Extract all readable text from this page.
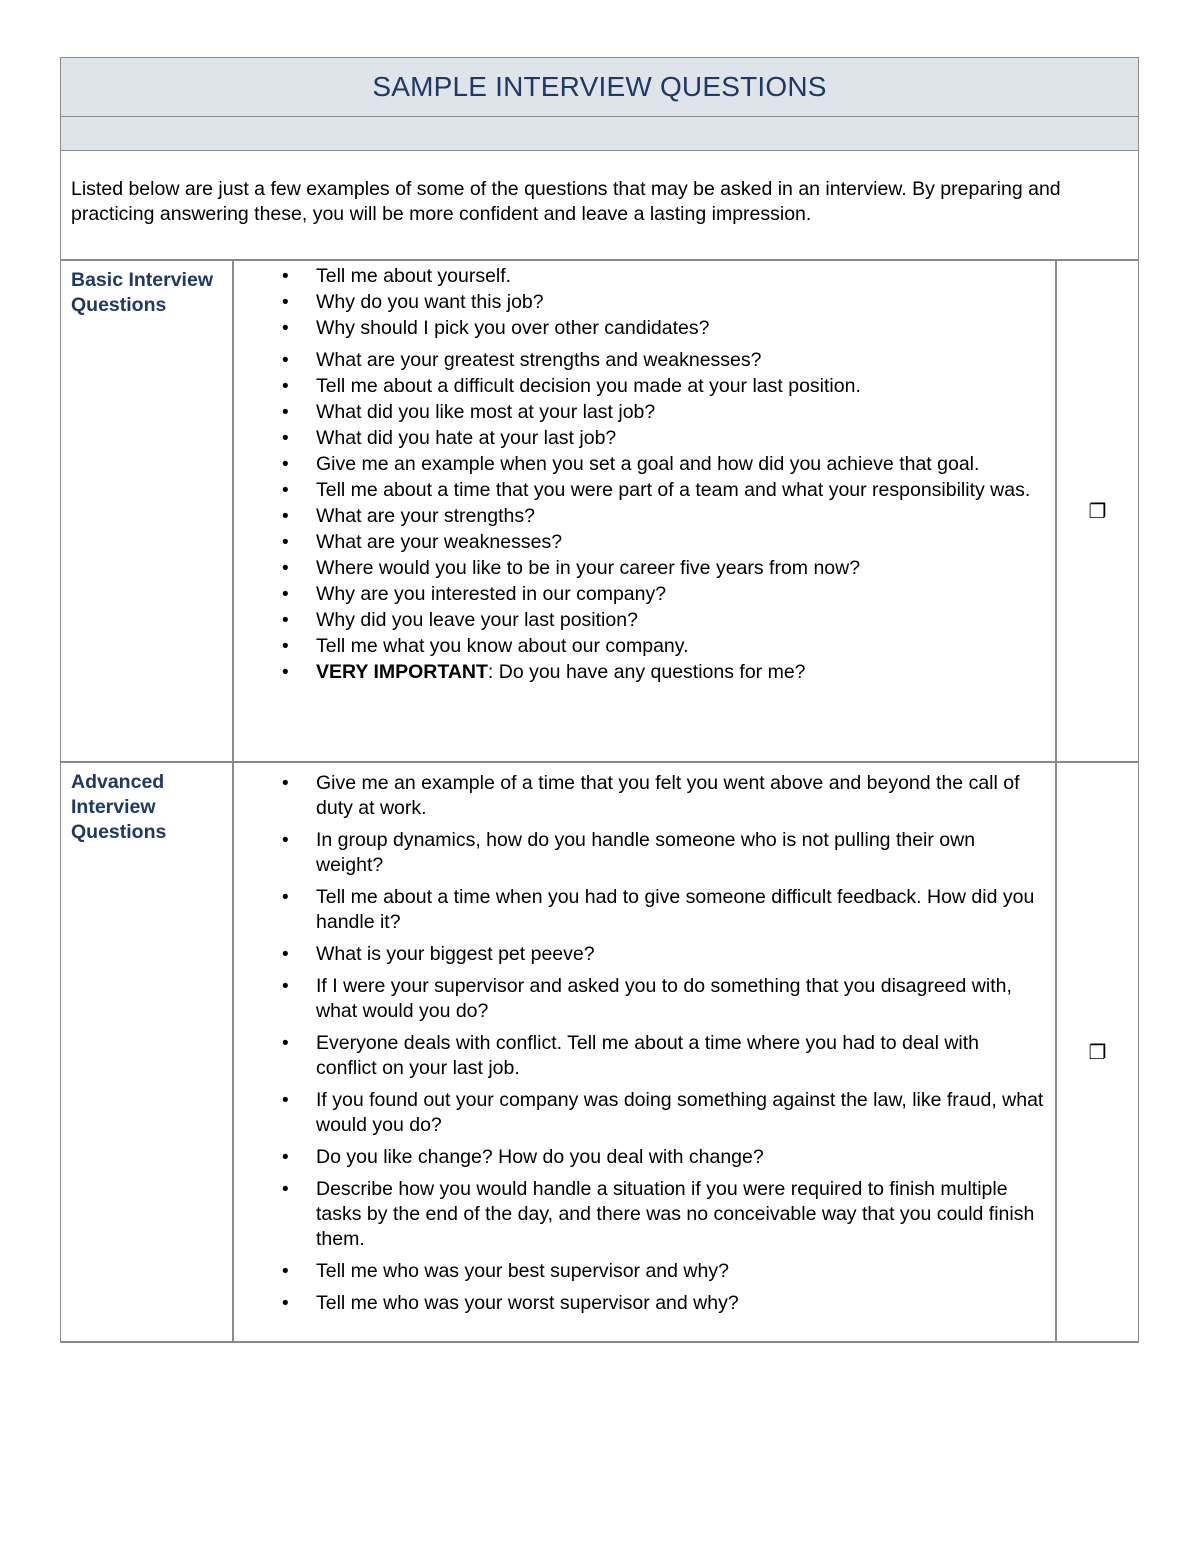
SAMPLE INTERVIEW QUESTIONS
Listed below are just a few examples of some of the questions that may be asked in an interview. By preparing and practicing answering these, you will be more confident and leave a lasting impression.
Basic Interview Questions
• Tell me about yourself.
• Why do you want this job?
• Why should I pick you over other candidates?
• What are your greatest strengths and weaknesses?
• Tell me about a difficult decision you made at your last position.
• What did you like most at your last job?
• What did you hate at your last job?
• Give me an example when you set a goal and how did you achieve that goal.
• Tell me about a time that you were part of a team and what your responsibility was.
• What are your strengths?
• What are your weaknesses?
• Where would you like to be in your career five years from now?
• Why are you interested in our company?
• Why did you leave your last position?
• Tell me what you know about our company.
• VERY IMPORTANT: Do you have any questions for me?
❐
Advanced Interview Questions
• Give me an example of a time that you felt you went above and beyond the call of duty at work.
• In group dynamics, how do you handle someone who is not pulling their own weight?
• Tell me about a time when you had to give someone difficult feedback. How did you handle it?
• What is your biggest pet peeve?
• If I were your supervisor and asked you to do something that you disagreed with, what would you do?
• Everyone deals with conflict. Tell me about a time where you had to deal with conflict on your last job.
• If you found out your company was doing something against the law, like fraud, what would you do?
• Do you like change? How do you deal with change?
• Describe how you would handle a situation if you were required to finish multiple tasks by the end of the day, and there was no conceivable way that you could finish them.
• Tell me who was your best supervisor and why?
• Tell me who was your worst supervisor and why?
❐
